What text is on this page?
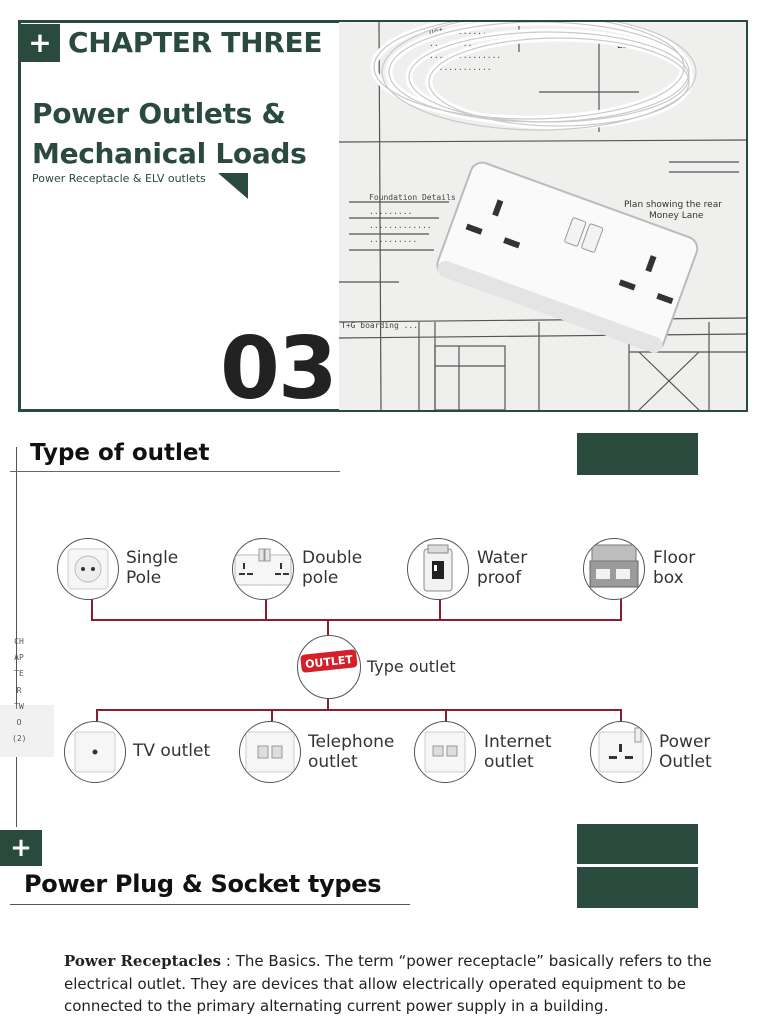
+ CHAPTER THREE
Power Outlets &
Mechanical Loads
Power Receptacle & ELV outlets
03
notes ..........
.............
...............
.............
Foundation Details
.........
.............
..........
T+G boarding ...
Plan showing the rear
Money Lane
Lounge
CHAPTER TWO (2)
Type of outlet
Single
Pole
Double
pole
Water
proof
Floor
box
OUTLET Type outlet
TV outlet	Telephone
outlet
Internet
outlet
Power
Outlet
+
Power Plug & Socket types
Power Receptacles : The Basics. The term “power receptacle” basically refers to the electrical outlet. They are devices that allow electrically operated equipment to be connected to the primary alternating current power supply in a building.
